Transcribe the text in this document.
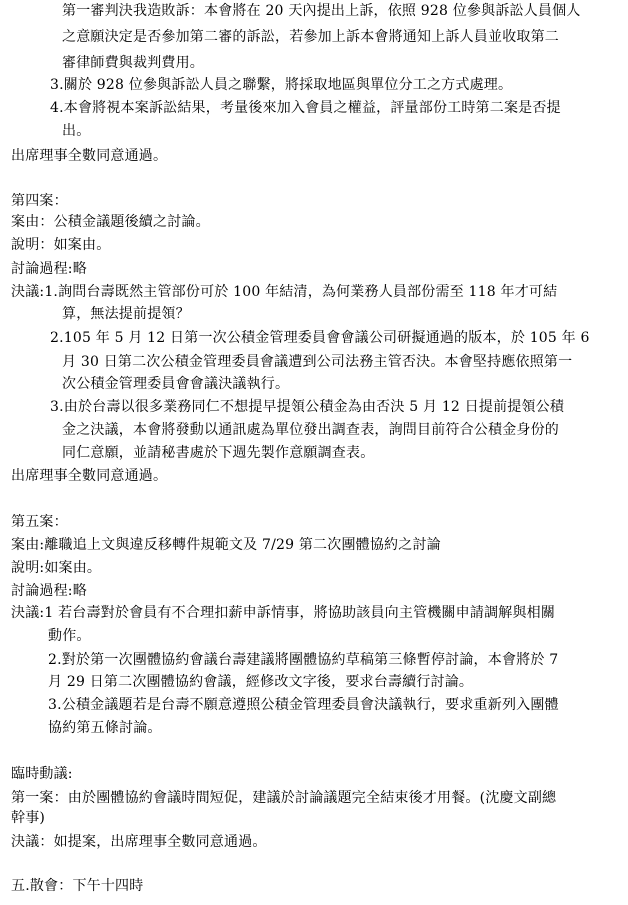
第一審判決我造敗訴：本會將在 20 天內提出上訴，依照 928 位參與訴訟人員個人
之意願決定是否參加第二審的訴訟，若參加上訴本會將通知上訴人員並收取第二
審律師費與裁判費用。
3.關於 928 位參與訴訟人員之聯繫，將採取地區與單位分工之方式處理。
4.本會將視本案訴訟結果，考量後來加入會員之權益，評量部份工時第二案是否提
出。
出席理事全數同意通過。
第四案：
案由：公積金議題後續之討論。
說明：如案由。
討論過程:略
決議:1.詢問台壽既然主管部份可於 100 年結清，為何業務人員部份需至 118 年才可結
算，無法提前提領？
2.105 年 5 月 12 日第一次公積金管理委員會會議公司研擬通過的版本，於 105 年 6
月 30 日第二次公積金管理委員會議遭到公司法務主管否決。本會堅持應依照第一
次公積金管理委員會會議決議執行。
3.由於台壽以很多業務同仁不想提早提領公積金為由否決 5 月 12 日提前提領公積
金之決議，本會將發動以通訊處為單位發出調查表，詢問目前符合公積金身份的
同仁意願，並請秘書處於下週先製作意願調查表。
出席理事全數同意通過。
第五案：
案由:離職追上文與違反移轉件規範文及 7/29 第二次團體協約之討論
說明:如案由。
討論過程:略
決議:1 若台壽對於會員有不合理扣薪申訴情事，將協助該員向主管機關申請調解與相關
動作。
2.對於第一次團體協約會議台壽建議將團體協約草稿第三條暫停討論，本會將於 7
月 29 日第二次團體協約會議，經修改文字後，要求台壽續行討論。
3.公積金議題若是台壽不願意遵照公積金管理委員會決議執行，要求重新列入團體
協約第五條討論。
臨時動議:
第一案：由於團體協約會議時間短促，建議於討論議題完全結束後才用餐。(沈慶文副總
幹事)
決議：如提案，出席理事全數同意通過。
五.散會：下午十四時
